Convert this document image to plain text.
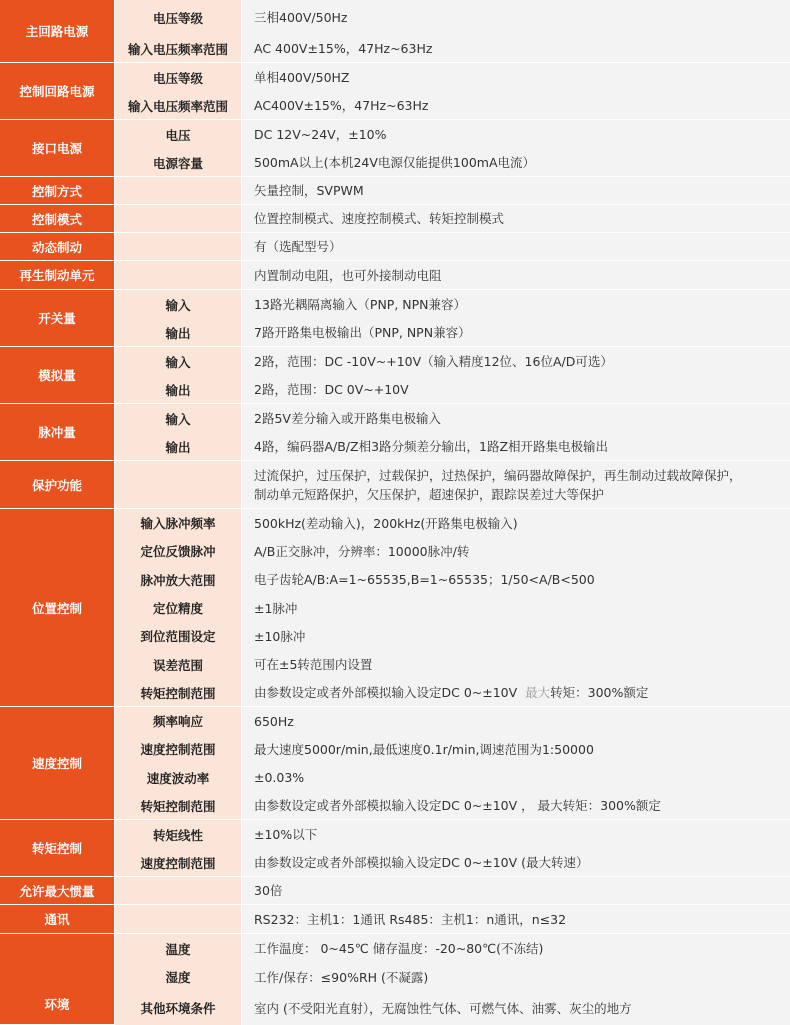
主回路电源
控制回路电源
接口电源
控制方式
控制模式
动态制动
再生制动单元
开关量
模拟量
脉冲量
保护功能
位置控制
速度控制
转矩控制
允许最大惯量
通讯
环境
电压等级
输入电压频率范围
电压等级
输入电压频率范围
电压
电源容量
输入
输出
输入
输出
输入
输出
输入脉冲频率
定位反馈脉冲
脉冲放大范围
定位精度
到位范围设定
误差范围
转矩控制范围
频率响应
速度控制范围
速度波动率
转矩控制范围
转矩线性
速度控制范围
温度
湿度
其他环境条件
三相400V/50Hz
AC 400V±15%，47Hz~63Hz
单相400V/50HZ
AC400V±15%，47Hz~63Hz
DC 12V~24V，±10%
500mA以上(本机24V电源仅能提供100mA电流）
矢量控制，SVPWM
位置控制模式、速度控制模式、转矩控制模式
有（选配型号）
内置制动电阻，也可外接制动电阻
13路光耦隔离输入（PNP, NPN兼容）
7路开路集电极输出（PNP, NPN兼容）
2路，范围：DC -10V~+10V（输入精度12位、16位A/D可选）
2路，范围：DC 0V~+10V
2路5V差分输入或开路集电极输入
4路，编码器A/B/Z相3路分频差分输出，1路Z相开路集电极输出
过流保护，过压保护，过载保护，过热保护，编码器故障保护，再生制动过载故障保护，
制动单元短路保护，欠压保护，超速保护，跟踪误差过大等保护
500kHz(差动输入)，200kHz(开路集电极输入)
A/B正交脉冲，分辨率：10000脉冲/转
电子齿轮A/B:A=1~65535,B=1~65535；1/50<A/B<500
±1脉冲
±10脉冲
可在±5转范围内设置
由参数设定或者外部模拟输入设定DC 0~±10V
最大 转矩：300%额定
650Hz
最大速度5000r/min,最低速度0.1r/min,调速范围为1:50000
±0.03%
由参数设定或者外部模拟输入设定DC 0~±10V ， 最大转矩：300%额定
±10%以下
由参数设定或者外部模拟输入设定DC 0~±10V (最大转速）
30倍
RS232：主机1：1通讯 Rs485：主机1：n通讯，n≤32
工作温度： 0~45℃ 储存温度：-20~80℃(不冻结)
工作/保存：≤90%RH (不凝露)
室内 (不受阳光直射），无腐蚀性气体、可燃气体、油雾、灰尘的地方
